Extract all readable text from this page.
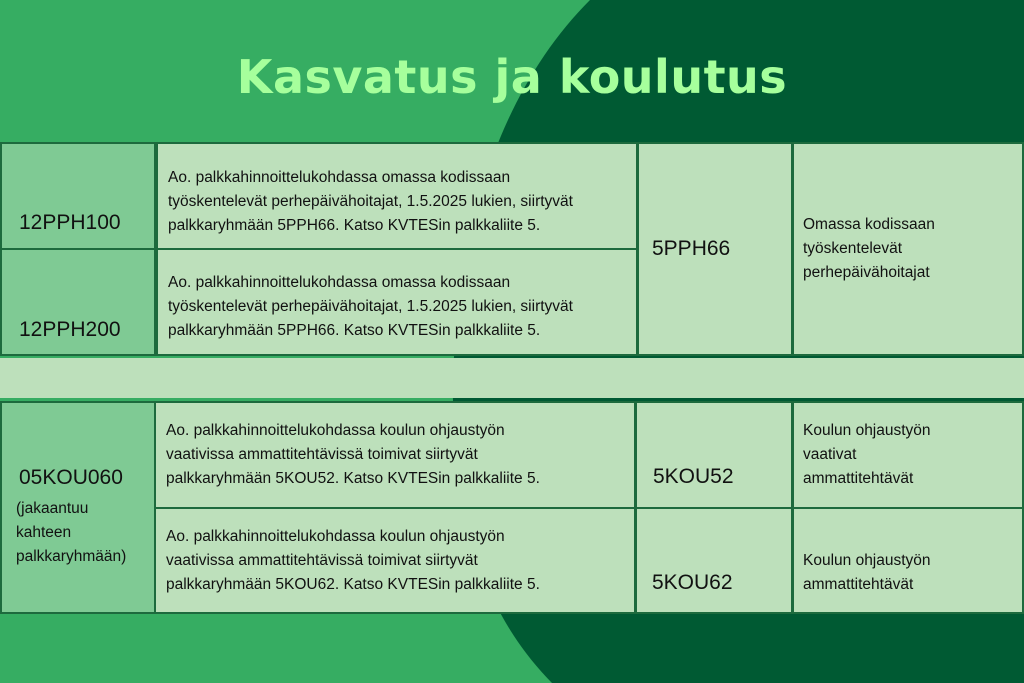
Kasvatus ja koulutus
12PPH100
12PPH200
Ao. palkkahinnoittelukohdassa omassa kodissaan
työskentelevät perhepäivähoitajat, 1.5.2025 lukien, siirtyvät
palkkaryhmään 5PPH66. Katso KVTESin palkkaliite 5.
Ao. palkkahinnoittelukohdassa omassa kodissaan
työskentelevät perhepäivähoitajat, 1.5.2025 lukien, siirtyvät
palkkaryhmään 5PPH66. Katso KVTESin palkkaliite 5.
5PPH66
Omassa kodissaan
työskentelevät
perhepäivähoitajat
05KOU060
(jakaantuu
kahteen
palkkaryhmään)
Ao. palkkahinnoittelukohdassa koulun ohjaustyön
vaativissa ammattitehtävissä toimivat siirtyvät
palkkaryhmään 5KOU52. Katso KVTESin palkkaliite 5.
Ao. palkkahinnoittelukohdassa koulun ohjaustyön
vaativissa ammattitehtävissä toimivat siirtyvät
palkkaryhmään 5KOU62. Katso KVTESin palkkaliite 5.
5KOU52
5KOU62
Koulun ohjaustyön
vaativat
ammattitehtävät
Koulun ohjaustyön
ammattitehtävät
